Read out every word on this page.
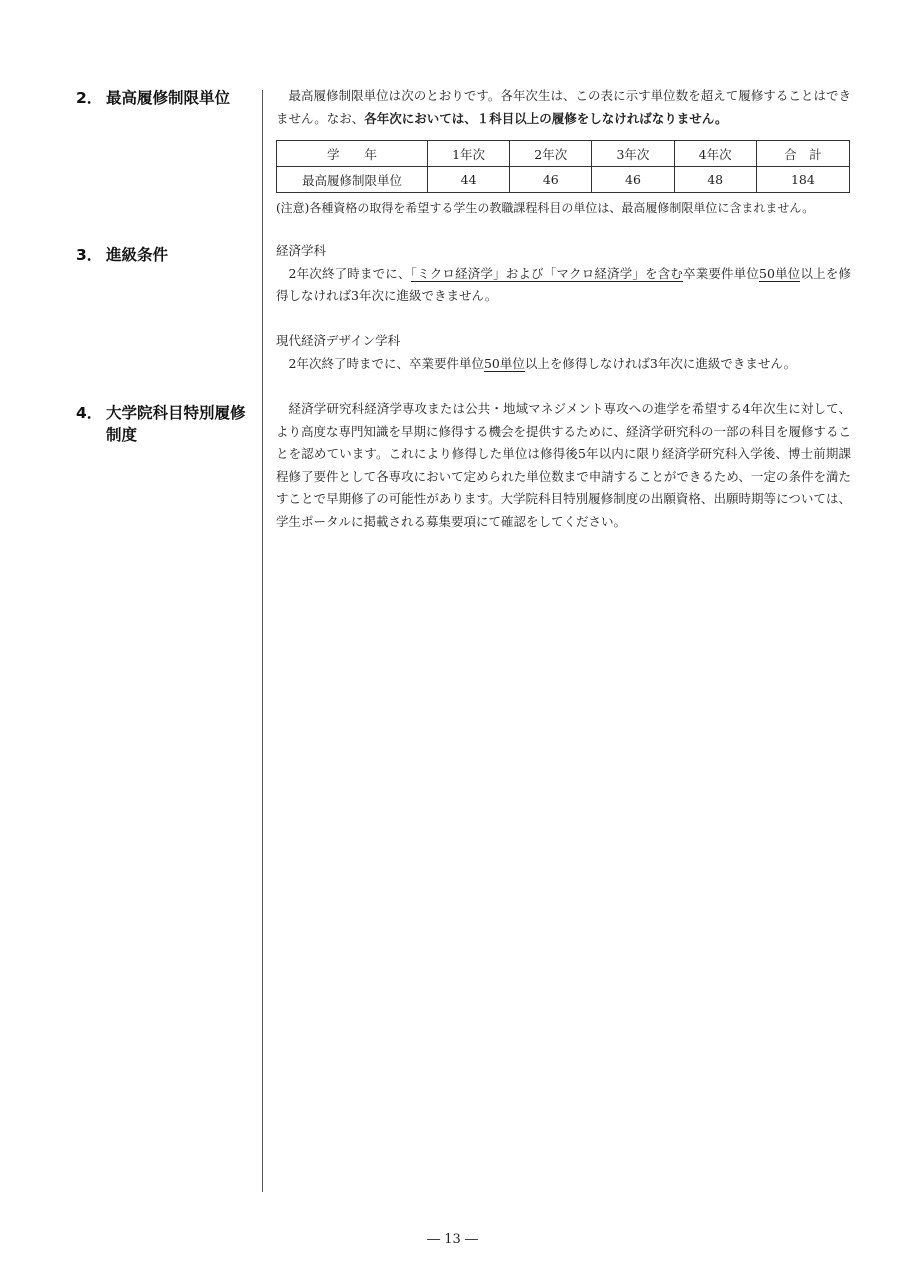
2． 最高履修制限単位	最高履修制限単位は次のとおりです。各年次生は、この表に示す単位数を超えて履修することはできません。なお、各年次においては、１科目以上の履修をしなければなりません。

学　　年	1年次	2年次	3年次	4年次	合　計
最高履修制限単位	44	46	46	48	184
(注意)各種資格の取得を希望する学生の教職課程科目の単位は、最高履修制限単位に含まれません。
3． 進級条件	経済学科

2年次終了時までに、「ミクロ経済学」および「マクロ経済学」を含む卒業要件単位50単位以上を修得しなければ3年次に進級できません。

現代経済デザイン学科

2年次終了時までに、卒業要件単位50単位以上を修得しなければ3年次に進級できません。

4． 大学院科目特別履修
制度

経済学研究科経済学専攻または公共・地域マネジメント専攻への進学を希望する4年次生に対して、より高度な専門知識を早期に修得する機会を提供するために、経済学研究科の一部の科目を履修することを認めています。これにより修得した単位は修得後5年以内に限り経済学研究科入学後、博士前期課程修了要件として各専攻において定められた単位数まで申請することができるため、一定の条件を満たすことで早期修了の可能性があります。大学院科目特別履修制度の出願資格、出願時期等については、学生ポータルに掲載される募集要項にて確認をしてください。

― 13 ―
